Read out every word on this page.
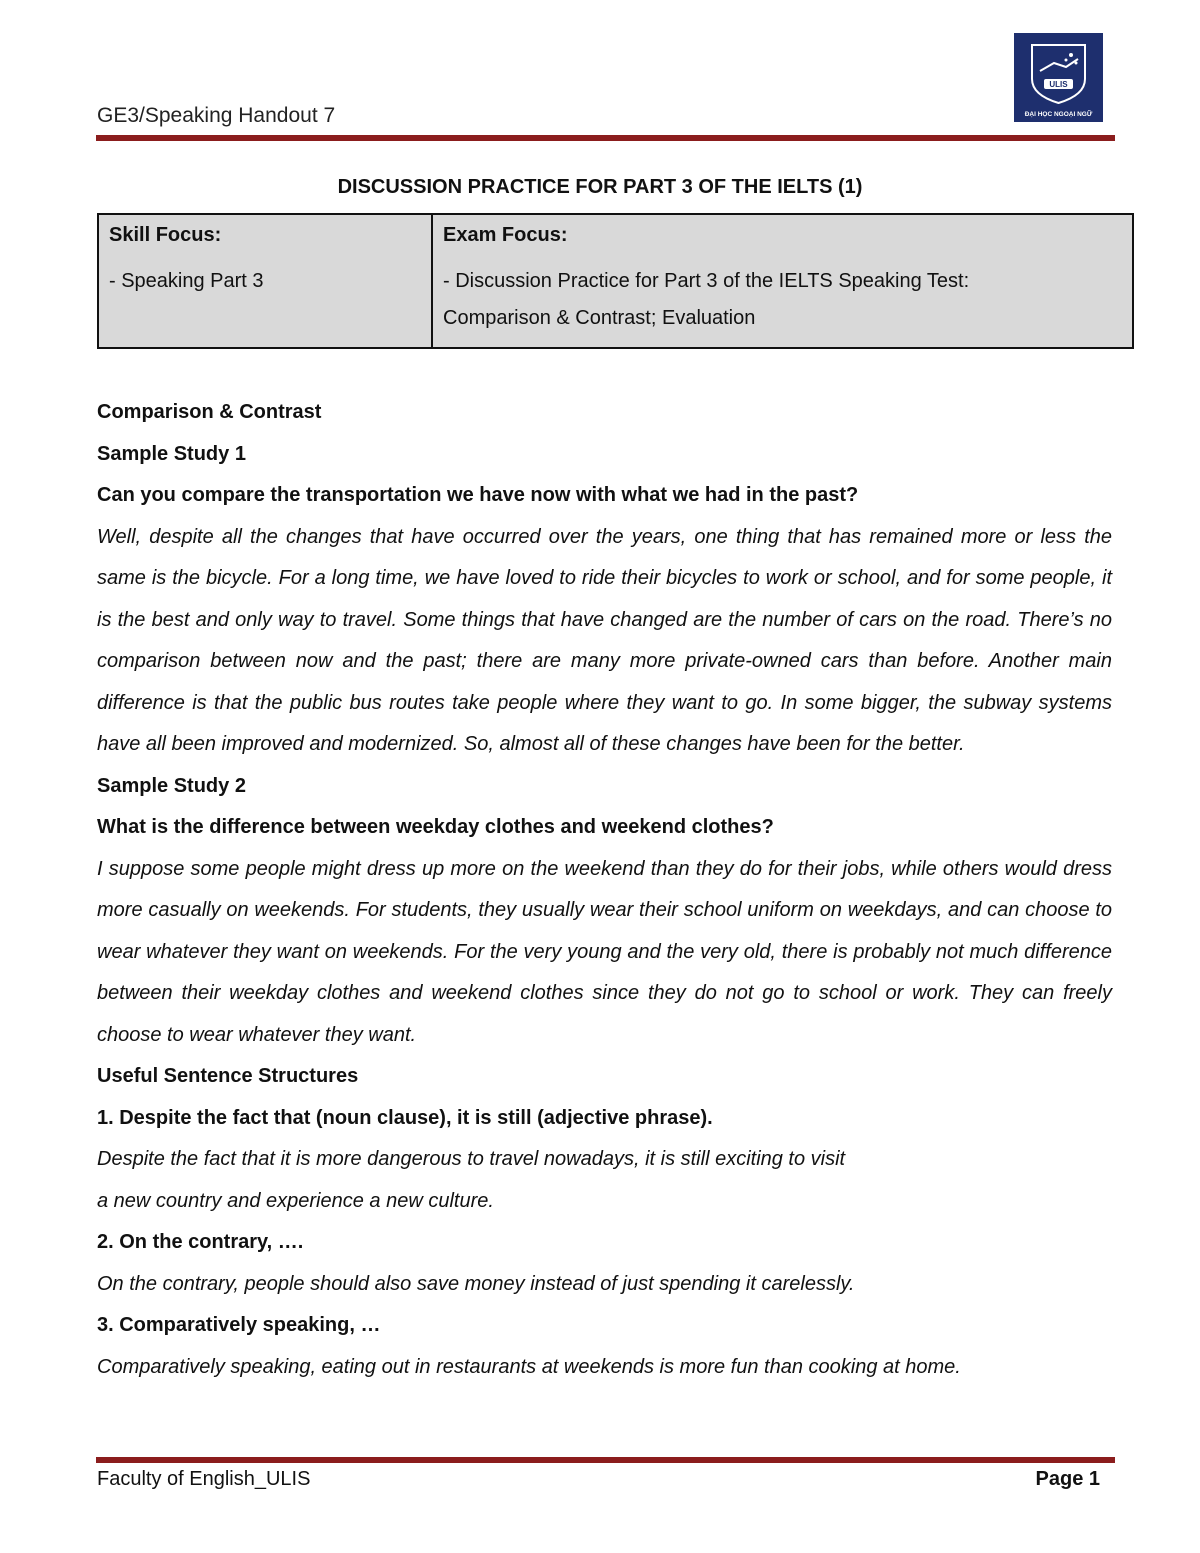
GE3/Speaking Handout 7
ULIS
ĐẠI HỌC NGOẠI NGỮ
DISCUSSION PRACTICE FOR PART 3 OF THE IELTS (1)
Skill Focus:
- Speaking Part 3
Exam Focus:
- Discussion Practice for Part 3 of the IELTS Speaking Test:
Comparison & Contrast; Evaluation

Comparison & Contrast

Sample Study 1

Can you compare the transportation we have now with what we had in the past?

Well, despite all the changes that have occurred over the years, one thing that has remained more or less the same is the bicycle. For a long time, we have loved to ride their bicycles to work or school, and for some people, it is the best and only way to travel. Some things that have changed are the number of cars on the road. There’s no comparison between now and the past; there are many more private-owned cars than before. Another main difference is that the public bus routes take people where they want to go. In some bigger, the subway systems have all been improved and modernized. So, almost all of these changes have been for the better.

Sample Study 2

What is the difference between weekday clothes and weekend clothes?

I suppose some people might dress up more on the weekend than they do for their jobs, while others would dress more casually on weekends. For students, they usually wear their school uniform on weekdays, and can choose to wear whatever they want on weekends. For the very young and the very old, there is probably not much difference between their weekday clothes and weekend clothes since they do not go to school or work. They can freely choose to wear whatever they want.

Useful Sentence Structures

1. Despite the fact that (noun clause), it is still (adjective phrase).

Despite the fact that it is more dangerous to travel nowadays, it is still exciting to visit

a new country and experience a new culture.

2. On the contrary, ….

On the contrary, people should also save money instead of just spending it carelessly.

3. Comparatively speaking, …

Comparatively speaking, eating out in restaurants at weekends is more fun than cooking at home.

Faculty of English_ULIS	Page 1
